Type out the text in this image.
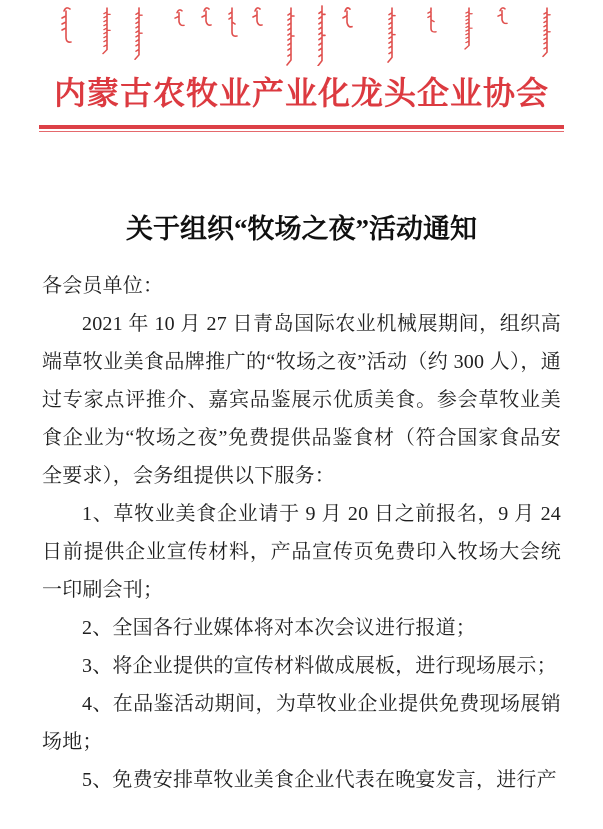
内蒙古农牧业产业化龙头企业协会
关于组织“牧场之夜”活动通知

各会员单位：

2021 年 10 月 27 日青岛国际农业机械展期间，组织高端草牧业美食品牌推广的“牧场之夜”活动（约 300 人），通过专家点评推介、嘉宾品鉴展示优质美食。参会草牧业美食企业为“牧场之夜”免费提供品鉴食材（符合国家食品安全要求），会务组提供以下服务：

1、草牧业美食企业请于 9 月 20 日之前报名，9 月 24 日前提供企业宣传材料，产品宣传页免费印入牧场大会统一印刷会刊；

2、全国各行业媒体将对本次会议进行报道；

3、将企业提供的宣传材料做成展板，进行现场展示；

4、在品鉴活动期间，为草牧业企业提供免费现场展销场地；

5、免费安排草牧业美食企业代表在晚宴发言，进行产
